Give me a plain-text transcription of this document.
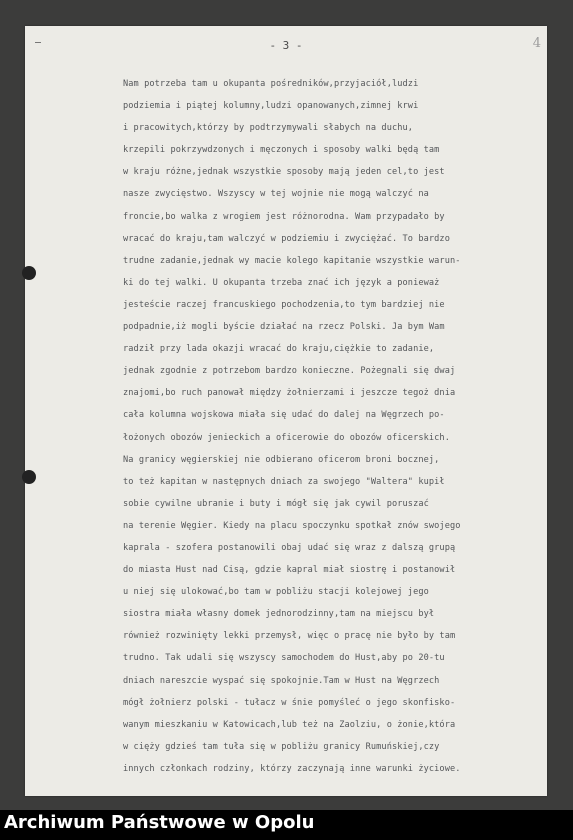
- 3 -	4
Nam potrzeba tam u okupanta pośredników,przyjaciół,ludzi
podziemia i piątej kolumny,ludzi opanowanych,zimnej krwi
i pracowitych,którzy by podtrzymywali słabych na duchu,
krzepili pokrzywdzonych i męczonych i sposoby walki będą tam
w kraju różne,jednak wszystkie sposoby mają jeden cel,to jest
nasze zwycięstwo. Wszyscy w tej wojnie nie mogą walczyć na
froncie,bo walka z wrogiem jest różnorodna. Wam przypadało by
wracać do kraju,tam walczyć w podziemiu i zwyciężać. To bardzo
trudne zadanie,jednak wy macie kolego kapitanie wszystkie warun-
ki do tej walki. U okupanta trzeba znać ich język a ponieważ
jesteście raczej francuskiego pochodzenia,to tym bardziej nie
podpadnie,iż mogli byście działać na rzecz Polski. Ja bym Wam
radził przy lada okazji wracać do kraju,ciężkie to zadanie,
jednak zgodnie z potrzebom bardzo konieczne. Pożegnali się dwaj
znajomi,bo ruch panował między żołnierzami i jeszcze tegoż dnia
cała kolumna wojskowa miała się udać do dalej na Węgrzech po-
łożonych obozów jenieckich a oficerowie do obozów oficerskich.
Na granicy węgierskiej nie odbierano oficerom broni bocznej,
to też kapitan w następnych dniach za swojego "Waltera" kupił
sobie cywilne ubranie i buty i mógł się jak cywil poruszać
na terenie Węgier. Kiedy na placu spoczynku spotkał znów swojego
kaprala - szofera postanowili obaj udać się wraz z dalszą grupą
do miasta Hust nad Cisą, gdzie kapral miał siostrę i postanowił
u niej się ulokować,bo tam w pobliżu stacji kolejowej jego
siostra miała własny domek jednorodzinny,tam na miejscu był
również rozwinięty lekki przemysł, więc o pracę nie było by tam
trudno. Tak udali się wszyscy samochodem do Hust,aby po 20-tu
dniach nareszcie wyspać się spokojnie.Tam w Hust na Węgrzech
mógł żołnierz polski - tułacz w śnie pomyśleć o jego skonfisko-
wanym mieszkaniu w Katowicach,lub też na Zaolziu, o żonie,która
w cięży gdzieś tam tuła się w pobliżu granicy Rumuńskiej,czy
innych członkach rodziny, którzy zaczynają inne warunki życiowe.
Archiwum Państwowe w Opolu
